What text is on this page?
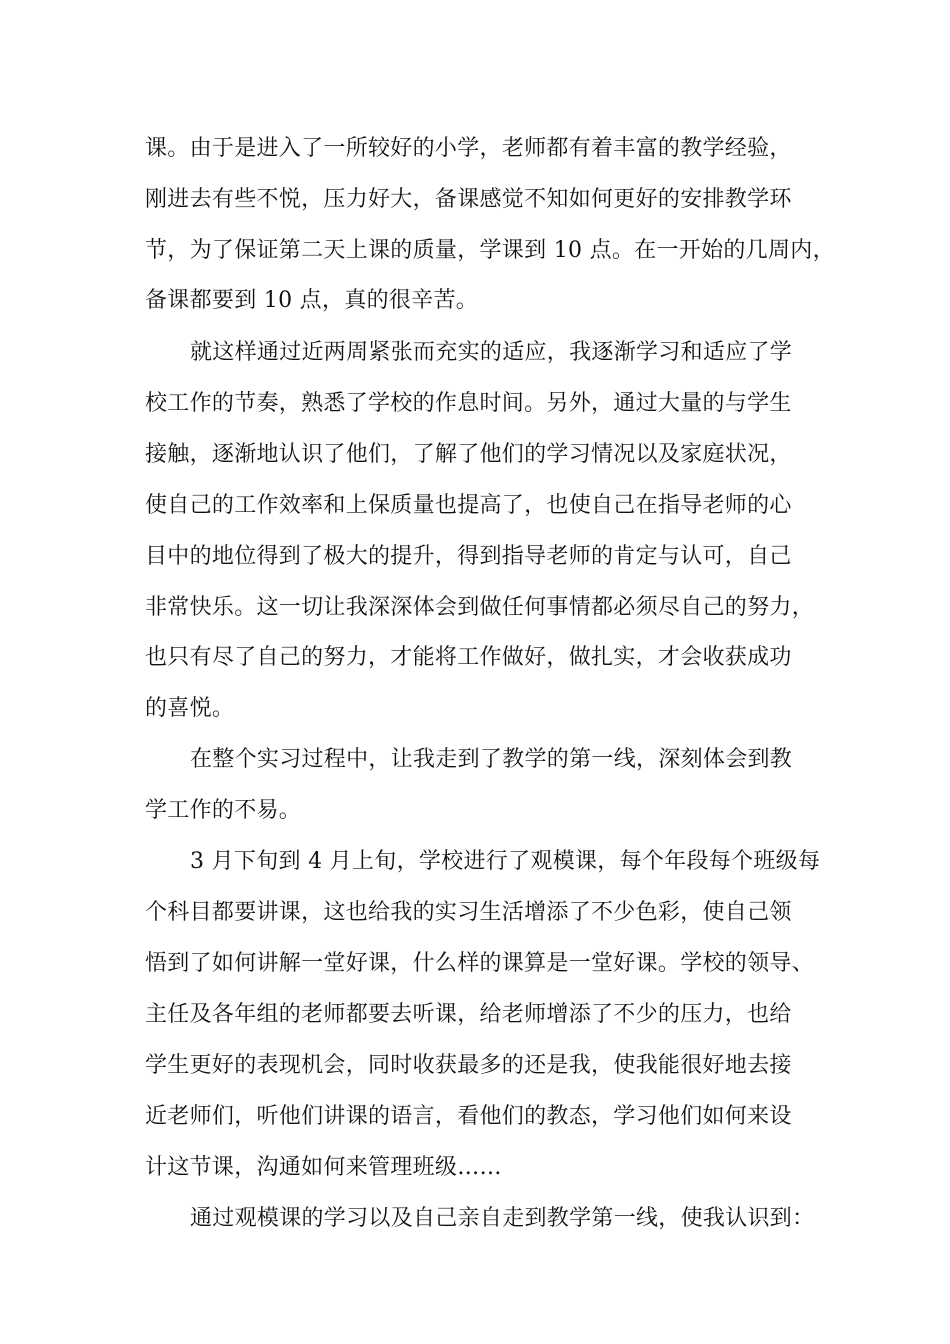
课。由于是进入了一所较好的小学，老师都有着丰富的教学经验，
刚进去有些不悦，压力好大，备课感觉不知如何更好的安排教学环
节，为了保证第二天上课的质量，学课到 10 点。在一开始的几周内，
备课都要到 10 点，真的很辛苦。
就这样通过近两周紧张而充实的适应，我逐渐学习和适应了学
校工作的节奏，熟悉了学校的作息时间。另外，通过大量的与学生
接触，逐渐地认识了他们，了解了他们的学习情况以及家庭状况，
使自己的工作效率和上保质量也提高了，也使自己在指导老师的心
目中的地位得到了极大的提升，得到指导老师的肯定与认可，自己
非常快乐。这一切让我深深体会到做任何事情都必须尽自己的努力，
也只有尽了自己的努力，才能将工作做好，做扎实，才会收获成功
的喜悦。
在整个实习过程中，让我走到了教学的第一线，深刻体会到教
学工作的不易。
3 月下旬到 4 月上旬，学校进行了观模课，每个年段每个班级每
个科目都要讲课，这也给我的实习生活增添了不少色彩，使自己领
悟到了如何讲解一堂好课，什么样的课算是一堂好课。学校的领导、
主任及各年组的老师都要去听课，给老师增添了不少的压力，也给
学生更好的表现机会，同时收获最多的还是我，使我能很好地去接
近老师们，听他们讲课的语言，看他们的教态，学习他们如何来设
计这节课，沟通如何来管理班级……
通过观模课的学习以及自己亲自走到教学第一线，使我认识到：
